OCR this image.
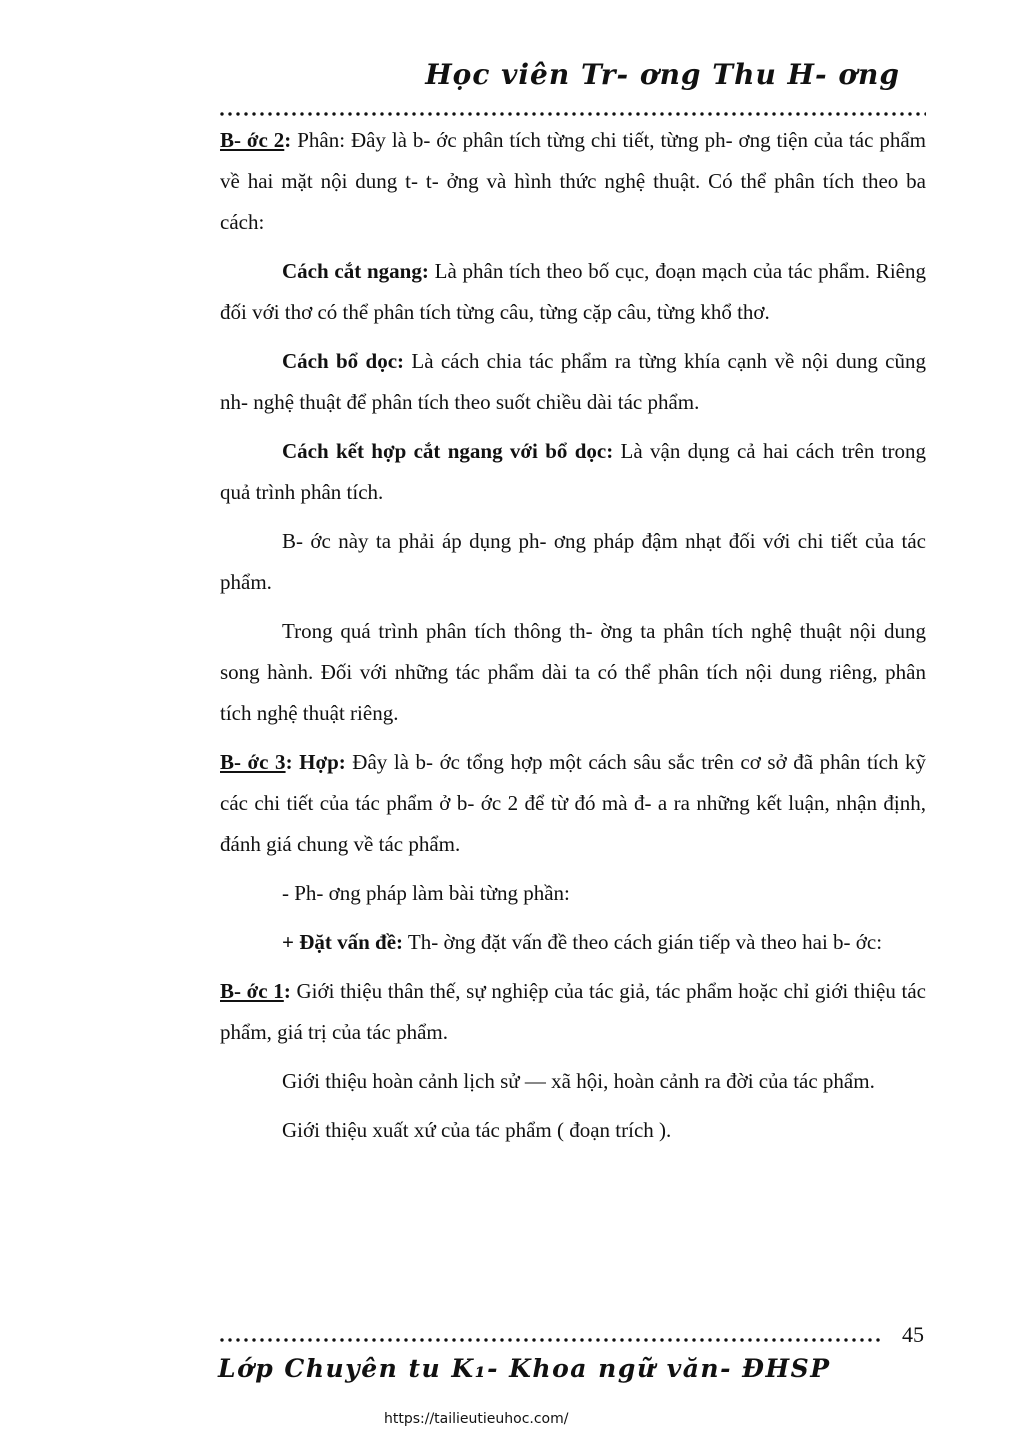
Học viên Tr- ơng Thu H- ơng

B- ớc 2: Phân: Đây là b- ớc phân tích từng chi tiết, từng ph- ơng tiện của tác phẩm về hai mặt nội dung t- t- ởng và hình thức nghệ thuật. Có thể phân tích theo ba cách:

Cách cắt ngang: Là phân tích theo bố cục, đoạn mạch của tác phẩm. Riêng đối với thơ có thể phân tích từng câu, từng cặp câu, từng khổ thơ.

Cách bổ dọc: Là cách chia tác phẩm ra từng khía cạnh về nội dung cũng nh- nghệ thuật để phân tích theo suốt chiều dài tác phẩm.

Cách kết hợp cắt ngang với bổ dọc: Là vận dụng cả hai cách trên trong quả trình phân tích.

B- ớc này ta phải áp dụng ph- ơng pháp đậm nhạt đối với chi tiết của tác phẩm.

Trong quá trình phân tích thông th- ờng ta phân tích nghệ thuật nội dung song hành. Đối với những tác phẩm dài ta có thể phân tích nội dung riêng, phân tích nghệ thuật riêng.

B- ớc 3: Hợp: Đây là b- ớc tổng hợp một cách sâu sắc trên cơ sở đã phân tích kỹ các chi tiết của tác phẩm ở b- ớc 2 để từ đó mà đ- a ra những kết luận, nhận định, đánh giá chung về tác phẩm.

- Ph- ơng pháp làm bài từng phần:

+ Đặt vấn đề: Th- ờng đặt vấn đề theo cách gián tiếp và theo hai b- ớc:

B- ớc 1: Giới thiệu thân thế, sự nghiệp của tác giả, tác phẩm hoặc chỉ giới thiệu tác phẩm, giá trị của tác phẩm.

Giới thiệu hoàn cảnh lịch sử — xã hội, hoàn cảnh ra đời của tác phẩm.

Giới thiệu xuất xứ của tác phẩm ( đoạn trích ).

45
Lớp Chuyên tu K₁- Khoa ngữ văn- ĐHSP
https://tailieutieuhoc.com/
